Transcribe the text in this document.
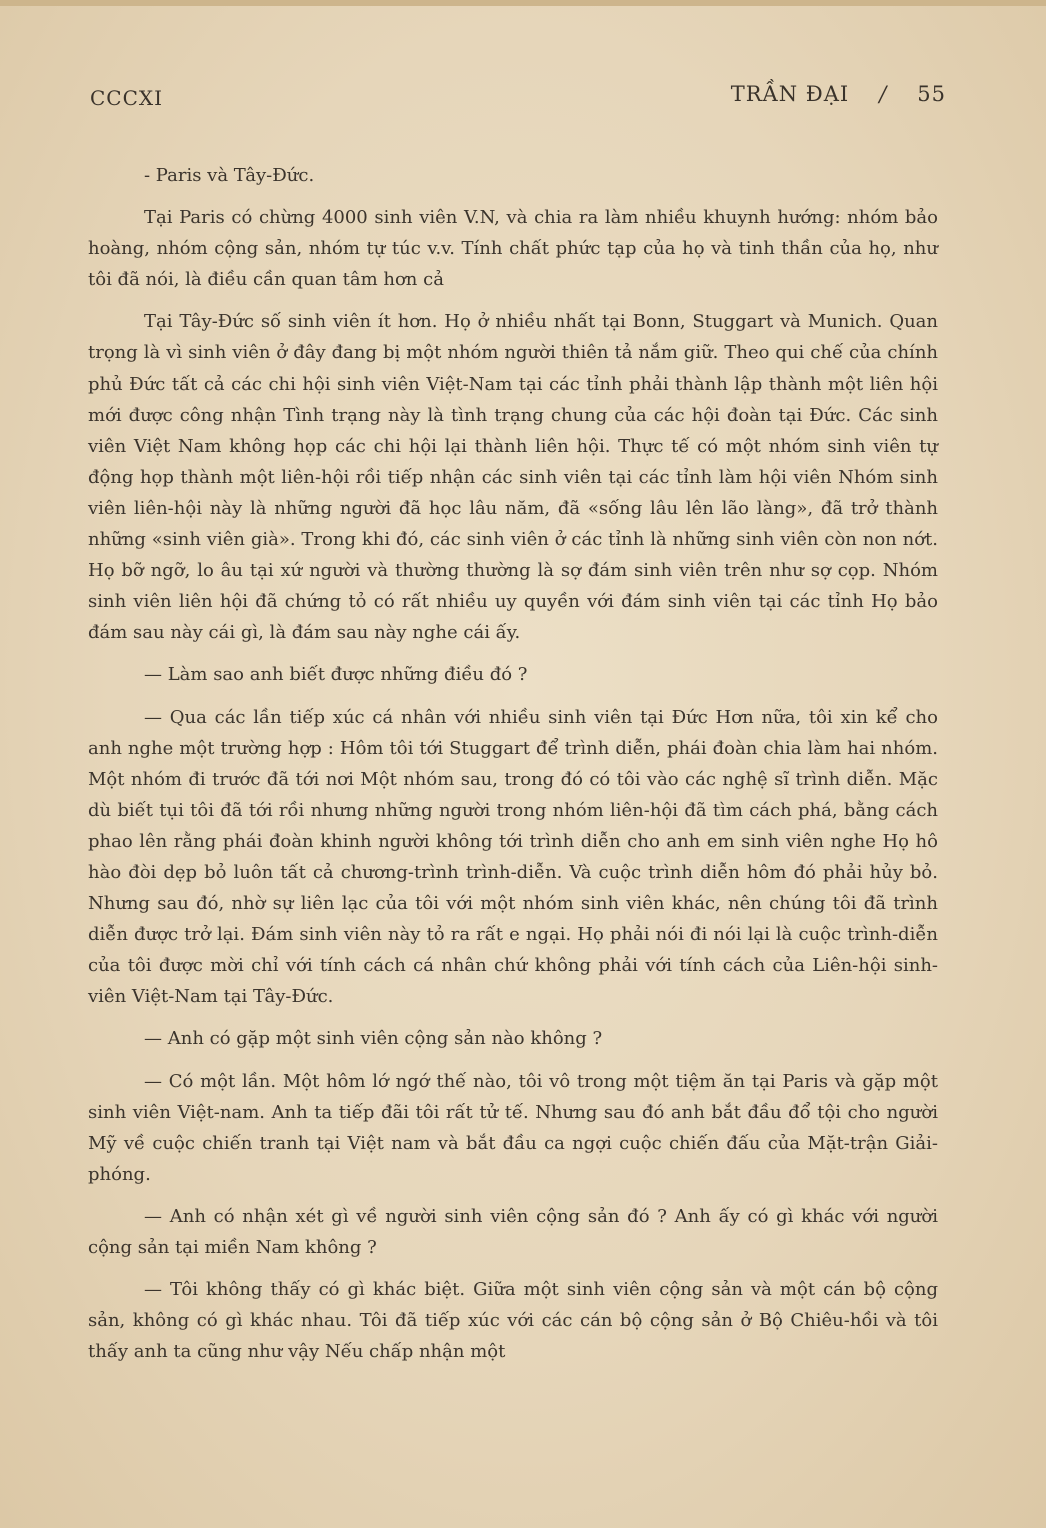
CCCXI	TRẦN ĐẠI / 55

- Paris và Tây-Đức.

Tại Paris có chừng 4000 sinh viên V.N, và chia ra làm nhiều khuynh hướng: nhóm bảo hoàng, nhóm cộng sản, nhóm tự túc v.v. Tính chất phức tạp của họ và tinh thần của họ, như tôi đã nói, là điều cần quan tâm hơn cả

Tại Tây-Đức số sinh viên ít hơn. Họ ở nhiều nhất tại Bonn, Stuggart và Munich. Quan trọng là vì sinh viên ở đây đang bị một nhóm người thiên tả nắm giữ. Theo qui chế của chính phủ Đức tất cả các chi hội sinh viên Việt-Nam tại các tỉnh phải thành lập thành một liên hội mới được công nhận Tình trạng này là tình trạng chung của các hội đoàn tại Đức. Các sinh viên Việt Nam không họp các chi hội lại thành liên hội. Thực tế có một nhóm sinh viên tự động họp thành một liên-hội rồi tiếp nhận các sinh viên tại các tỉnh làm hội viên Nhóm sinh viên liên-hội này là những người đã học lâu năm, đã «sống lâu lên lão làng», đã trở thành những «sinh viên già». Trong khi đó, các sinh viên ở các tỉnh là những sinh viên còn non nớt. Họ bỡ ngỡ, lo âu tại xứ người và thường thường là sợ đám sinh viên trên như sợ cọp. Nhóm sinh viên liên hội đã chứng tỏ có rất nhiều uy quyền với đám sinh viên tại các tỉnh Họ bảo đám sau này cái gì, là đám sau này nghe cái ấy.

— Làm sao anh biết được những điều đó ?

— Qua các lần tiếp xúc cá nhân với nhiều sinh viên tại Đức Hơn nữa, tôi xin kể cho anh nghe một trường hợp : Hôm tôi tới Stuggart để trình diễn, phái đoàn chia làm hai nhóm. Một nhóm đi trước đã tới nơi Một nhóm sau, trong đó có tôi vào các nghệ sĩ trình diễn. Mặc dù biết tụi tôi đã tới rồi nhưng những người trong nhóm liên-hội đã tìm cách phá, bằng cách phao lên rằng phái đoàn khinh người không tới trình diễn cho anh em sinh viên nghe Họ hô hào đòi dẹp bỏ luôn tất cả chương-trình trình-diễn. Và cuộc trình diễn hôm đó phải hủy bỏ. Nhưng sau đó, nhờ sự liên lạc của tôi với một nhóm sinh viên khác, nên chúng tôi đã trình diễn được trở lại. Đám sinh viên này tỏ ra rất e ngại. Họ phải nói đi nói lại là cuộc trình-diễn của tôi được mời chỉ với tính cách cá nhân chứ không phải với tính cách của Liên-hội sinh-viên Việt-Nam tại Tây-Đức.

— Anh có gặp một sinh viên cộng sản nào không ?

— Có một lần. Một hôm lớ ngớ thế nào, tôi vô trong một tiệm ăn tại Paris và gặp một sinh viên Việt-nam. Anh ta tiếp đãi tôi rất tử tế. Nhưng sau đó anh bắt đầu đổ tội cho người Mỹ về cuộc chiến tranh tại Việt nam và bắt đầu ca ngợi cuộc chiến đấu của Mặt-trận Giải-phóng.

— Anh có nhận xét gì về người sinh viên cộng sản đó ? Anh ấy có gì khác với người cộng sản tại miền Nam không ?

— Tôi không thấy có gì khác biệt. Giữa một sinh viên cộng sản và một cán bộ cộng sản, không có gì khác nhau. Tôi đã tiếp xúc với các cán bộ cộng sản ở Bộ Chiêu-hồi và tôi thấy anh ta cũng như vậy Nếu chấp nhận một
